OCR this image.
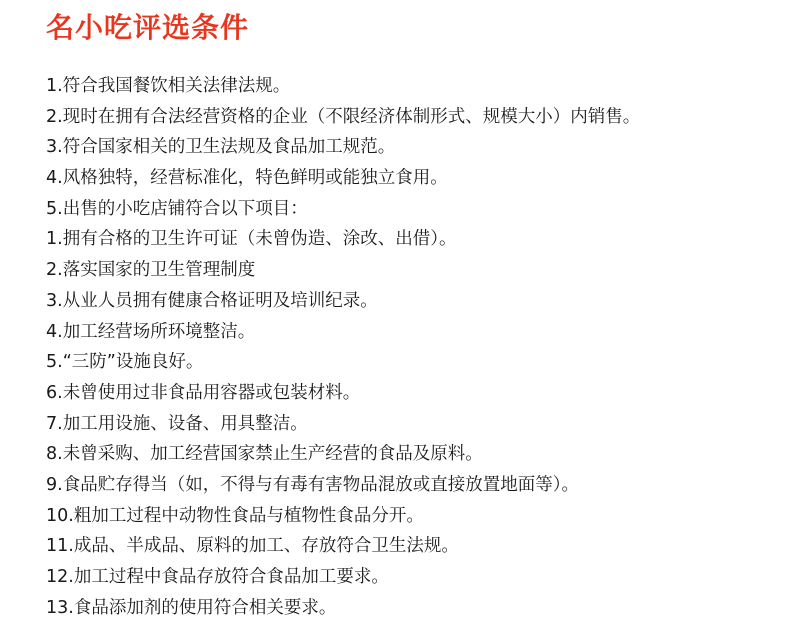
名小吃评选条件
1.符合我国餐饮相关法律法规。
2.现时在拥有合法经营资格的企业（不限经济体制形式、规模大小）内销售。
3.符合国家相关的卫生法规及食品加工规范。
4.风格独特，经营标准化，特色鲜明或能独立食用。
5.出售的小吃店铺符合以下项目：
1.拥有合格的卫生许可证（未曾伪造、涂改、出借）。
2.落实国家的卫生管理制度
3.从业人员拥有健康合格证明及培训纪录。
4.加工经营场所环境整洁。
5.“三防”设施良好。
6.未曾使用过非食品用容器或包装材料。
7.加工用设施、设备、用具整洁。
8.未曾采购、加工经营国家禁止生产经营的食品及原料。
9.食品贮存得当（如，不得与有毒有害物品混放或直接放置地面等）。
10.粗加工过程中动物性食品与植物性食品分开。
11.成品、半成品、原料的加工、存放符合卫生法规。
12.加工过程中食品存放符合食品加工要求。
13.食品添加剂的使用符合相关要求。
